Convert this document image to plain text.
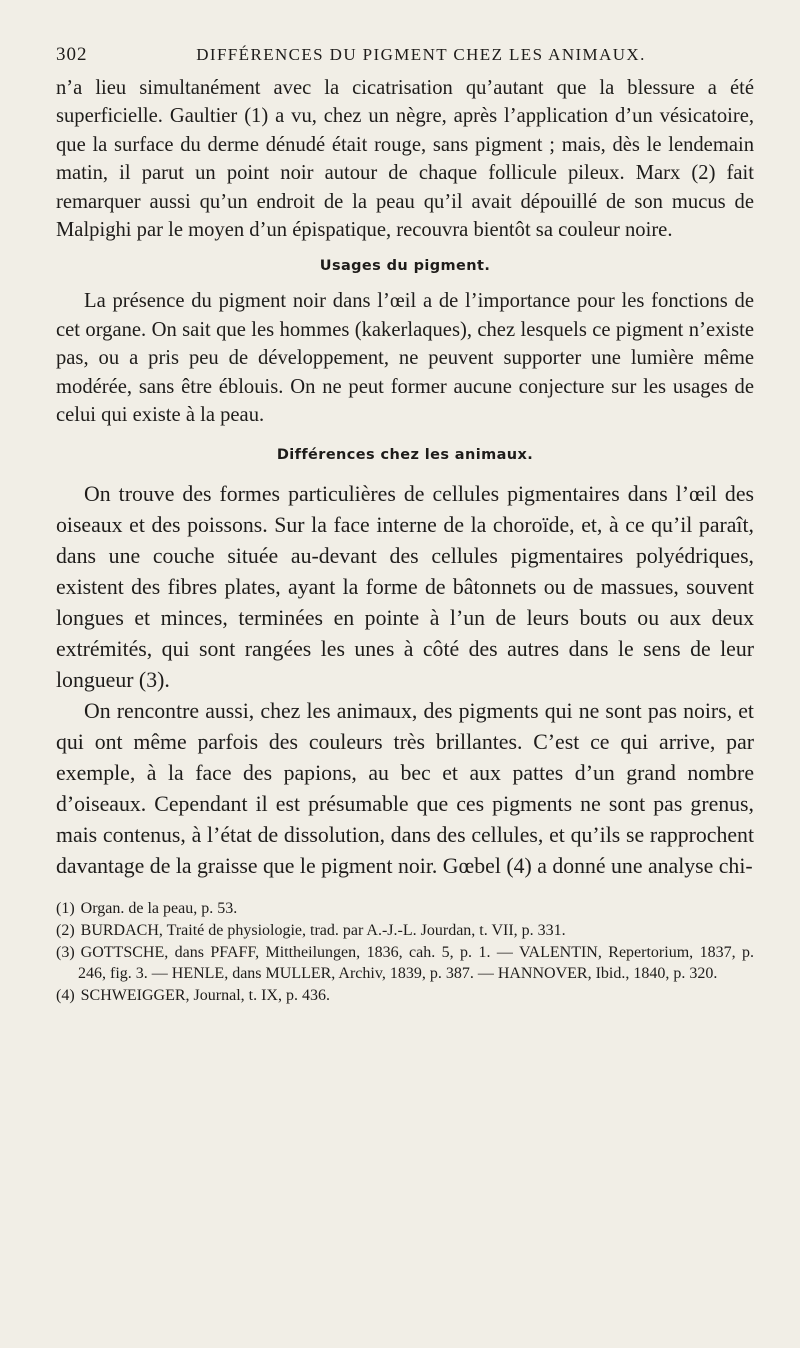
302	DIFFÉRENCES DU PIGMENT CHEZ LES ANIMAUX.

n’a lieu simultanément avec la cicatrisation qu’autant que la blessure a été superficielle. Gaultier (1) a vu, chez un nègre, après l’application d’un vésicatoire, que la surface du derme dénudé était rouge, sans pigment ; mais, dès le lendemain matin, il parut un point noir autour de chaque follicule pileux. Marx (2) fait remarquer aussi qu’un endroit de la peau qu’il avait dépouillé de son mucus de Malpighi par le moyen d’un épispatique, recouvra bientôt sa couleur noire.

Usages du pigment.

La présence du pigment noir dans l’œil a de l’importance pour les fonctions de cet organe. On sait que les hommes (kakerlaques), chez lesquels ce pigment n’existe pas, ou a pris peu de développement, ne peuvent supporter une lumière même modérée, sans être éblouis. On ne peut former aucune conjecture sur les usages de celui qui existe à la peau.

Différences chez les animaux.

On trouve des formes particulières de cellules pigmentaires dans l’œil des oiseaux et des poissons. Sur la face interne de la choroïde, et, à ce qu’il paraît, dans une couche située au-devant des cellules pigmentaires polyédriques, existent des fibres plates, ayant la forme de bâtonnets ou de massues, souvent longues et minces, terminées en pointe à l’un de leurs bouts ou aux deux extrémités, qui sont rangées les unes à côté des autres dans le sens de leur longueur (3).

On rencontre aussi, chez les animaux, des pigments qui ne sont pas noirs, et qui ont même parfois des couleurs très brillantes. C’est ce qui arrive, par exemple, à la face des papions, au bec et aux pattes d’un grand nombre d’oiseaux. Cependant il est présumable que ces pigments ne sont pas grenus, mais contenus, à l’état de dissolution, dans des cellules, et qu’ils se rapprochent davantage de la graisse que le pigment noir. Gœbel (4) a donné une analyse chi-

(1) Organ. de la peau, p. 53.

(2) BURDACH, Traité de physiologie, trad. par A.-J.-L. Jourdan, t. VII, p. 331.

(3) GOTTSCHE, dans PFAFF, Mittheilungen, 1836, cah. 5, p. 1. — VALENTIN, Repertorium, 1837, p. 246, fig. 3. — HENLE, dans MULLER, Archiv, 1839, p. 387. — HANNOVER, Ibid., 1840, p. 320.

(4) SCHWEIGGER, Journal, t. IX, p. 436.
